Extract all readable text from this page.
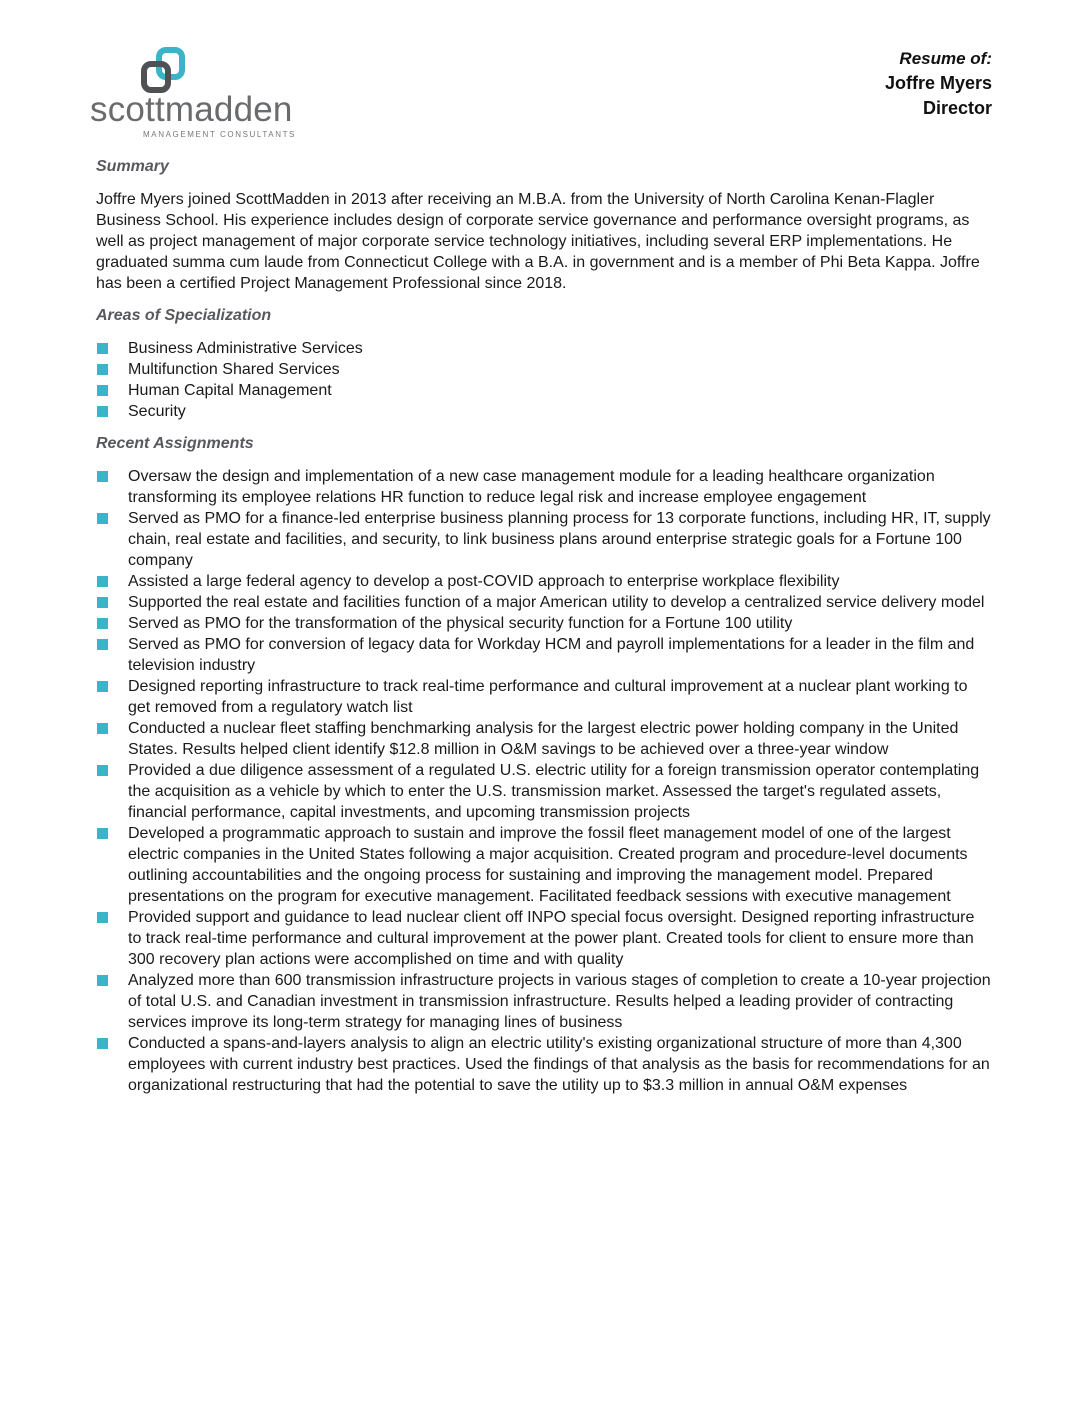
scottmadden
MANAGEMENT CONSULTANTS
Resume of:
Joffre Myers
Director
Summary

Joffre Myers joined ScottMadden in 2013 after receiving an M.B.A. from the University of North Carolina Kenan-Flagler Business School. His experience includes design of corporate service governance and performance oversight programs, as well as project management of major corporate service technology initiatives, including several ERP implementations. He graduated summa cum laude from Connecticut College with a B.A. in government and is a member of Phi Beta Kappa. Joffre has been a certified Project Management Professional since 2018.

Areas of Specialization
Business Administrative Services
Multifunction Shared Services
Human Capital Management
Security
Recent Assignments
Oversaw the design and implementation of a new case management module for a leading healthcare organization transforming its employee relations HR function to reduce legal risk and increase employee engagement
Served as PMO for a finance-led enterprise business planning process for 13 corporate functions, including HR, IT, supply chain, real estate and facilities, and security, to link business plans around enterprise strategic goals for a Fortune 100 company
Assisted a large federal agency to develop a post-COVID approach to enterprise workplace flexibility
Supported the real estate and facilities function of a major American utility to develop a centralized service delivery model
Served as PMO for the transformation of the physical security function for a Fortune 100 utility
Served as PMO for conversion of legacy data for Workday HCM and payroll implementations for a leader in the film and television industry
Designed reporting infrastructure to track real-time performance and cultural improvement at a nuclear plant working to get removed from a regulatory watch list
Conducted a nuclear fleet staffing benchmarking analysis for the largest electric power holding company in the United States. Results helped client identify $12.8 million in O&M savings to be achieved over a three-year window
Provided a due diligence assessment of a regulated U.S. electric utility for a foreign transmission operator contemplating the acquisition as a vehicle by which to enter the U.S. transmission market. Assessed the target's regulated assets, financial performance, capital investments, and upcoming transmission projects
Developed a programmatic approach to sustain and improve the fossil fleet management model of one of the largest electric companies in the United States following a major acquisition. Created program and procedure-level documents outlining accountabilities and the ongoing process for sustaining and improving the management model. Prepared presentations on the program for executive management. Facilitated feedback sessions with executive management
Provided support and guidance to lead nuclear client off INPO special focus oversight. Designed reporting infrastructure to track real-time performance and cultural improvement at the power plant. Created tools for client to ensure more than 300 recovery plan actions were accomplished on time and with quality
Analyzed more than 600 transmission infrastructure projects in various stages of completion to create a 10-year projection of total U.S. and Canadian investment in transmission infrastructure. Results helped a leading provider of contracting services improve its long-term strategy for managing lines of business
Conducted a spans-and-layers analysis to align an electric utility's existing organizational structure of more than 4,300 employees with current industry best practices. Used the findings of that analysis as the basis for recommendations for an organizational restructuring that had the potential to save the utility up to $3.3 million in annual O&M expenses
